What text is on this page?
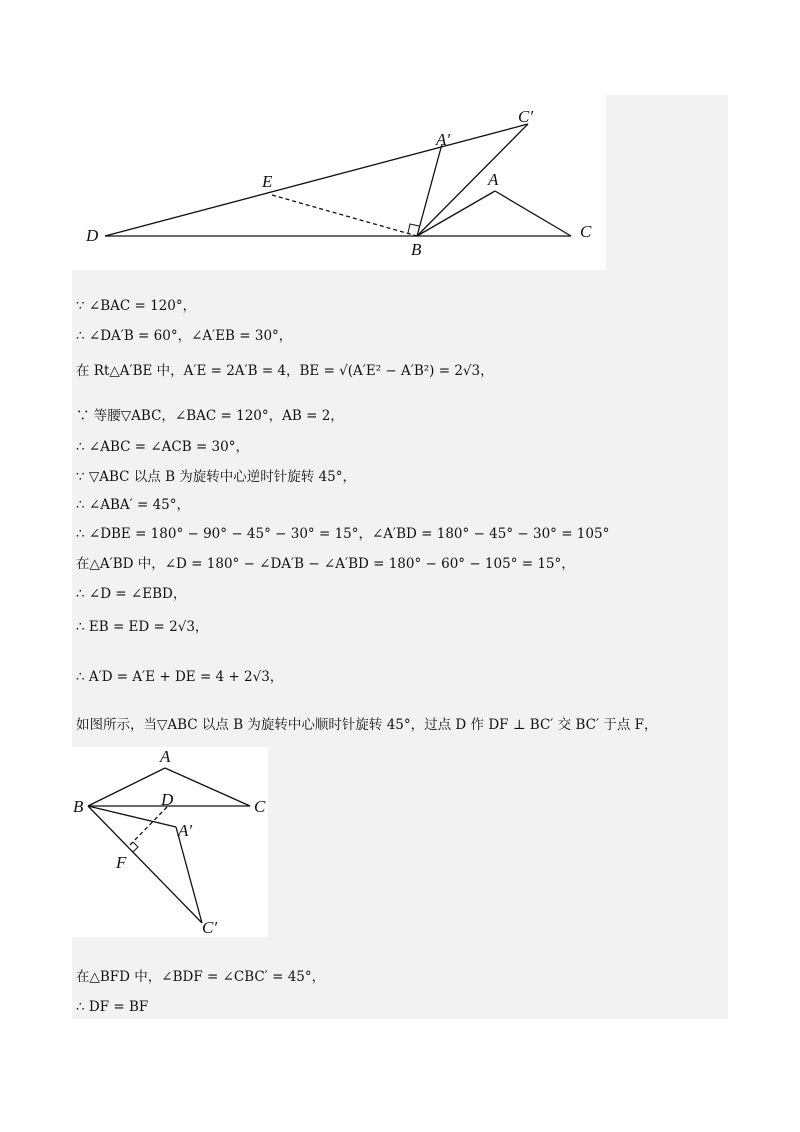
D
E
A′
C′
A
B
C
∵ ∠BAC = 120°，
∴ ∠DA′B = 60°，∠A′EB = 30°，
在 Rt△A′BE 中，A′E = 2A′B = 4，BE = √(A′E² − A′B²) = 2√3，
∵ 等腰▽ABC，∠BAC = 120°，AB = 2，
∴ ∠ABC = ∠ACB = 30°，
∵ ▽ABC 以点 B 为旋转中心逆时针旋转 45°，
∴ ∠ABA′ = 45°，
∴ ∠DBE = 180° − 90° − 45° − 30° = 15°，∠A′BD = 180° − 45° − 30° = 105°
在△A′BD 中，∠D = 180° − ∠DA′B − ∠A′BD = 180° − 60° − 105° = 15°，
∴ ∠D = ∠EBD，
∴ EB = ED = 2√3，
∴ A′D = A′E + DE = 4 + 2√3，
如图所示，当▽ABC 以点 B 为旋转中心顺时针旋转 45°，过点 D 作 DF ⊥ BC′ 交 BC′ 于点 F，
A
B	C
D
A′
F
C′
在△BFD 中，∠BDF = ∠CBC′ = 45°，
∴ DF = BF
